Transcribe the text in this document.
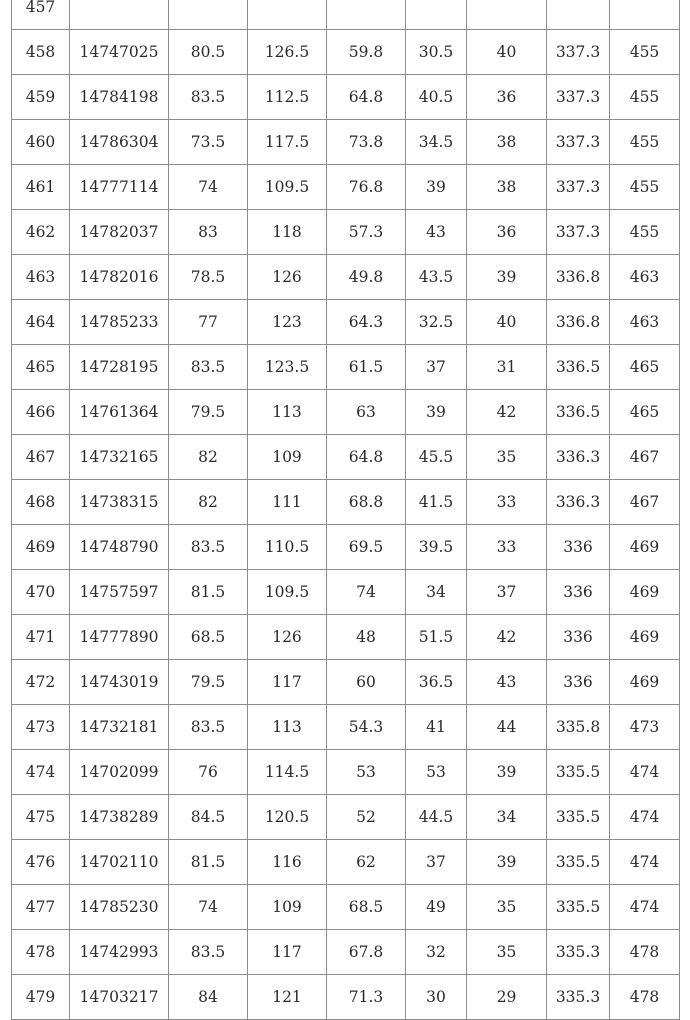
457								
458	14747025	80.5	126.5	59.8	30.5	40	337.3	455
459	14784198	83.5	112.5	64.8	40.5	36	337.3	455
460	14786304	73.5	117.5	73.8	34.5	38	337.3	455
461	14777114	74	109.5	76.8	39	38	337.3	455
462	14782037	83	118	57.3	43	36	337.3	455
463	14782016	78.5	126	49.8	43.5	39	336.8	463
464	14785233	77	123	64.3	32.5	40	336.8	463
465	14728195	83.5	123.5	61.5	37	31	336.5	465
466	14761364	79.5	113	63	39	42	336.5	465
467	14732165	82	109	64.8	45.5	35	336.3	467
468	14738315	82	111	68.8	41.5	33	336.3	467
469	14748790	83.5	110.5	69.5	39.5	33	336	469
470	14757597	81.5	109.5	74	34	37	336	469
471	14777890	68.5	126	48	51.5	42	336	469
472	14743019	79.5	117	60	36.5	43	336	469
473	14732181	83.5	113	54.3	41	44	335.8	473
474	14702099	76	114.5	53	53	39	335.5	474
475	14738289	84.5	120.5	52	44.5	34	335.5	474
476	14702110	81.5	116	62	37	39	335.5	474
477	14785230	74	109	68.5	49	35	335.5	474
478	14742993	83.5	117	67.8	32	35	335.3	478
479	14703217	84	121	71.3	30	29	335.3	478
